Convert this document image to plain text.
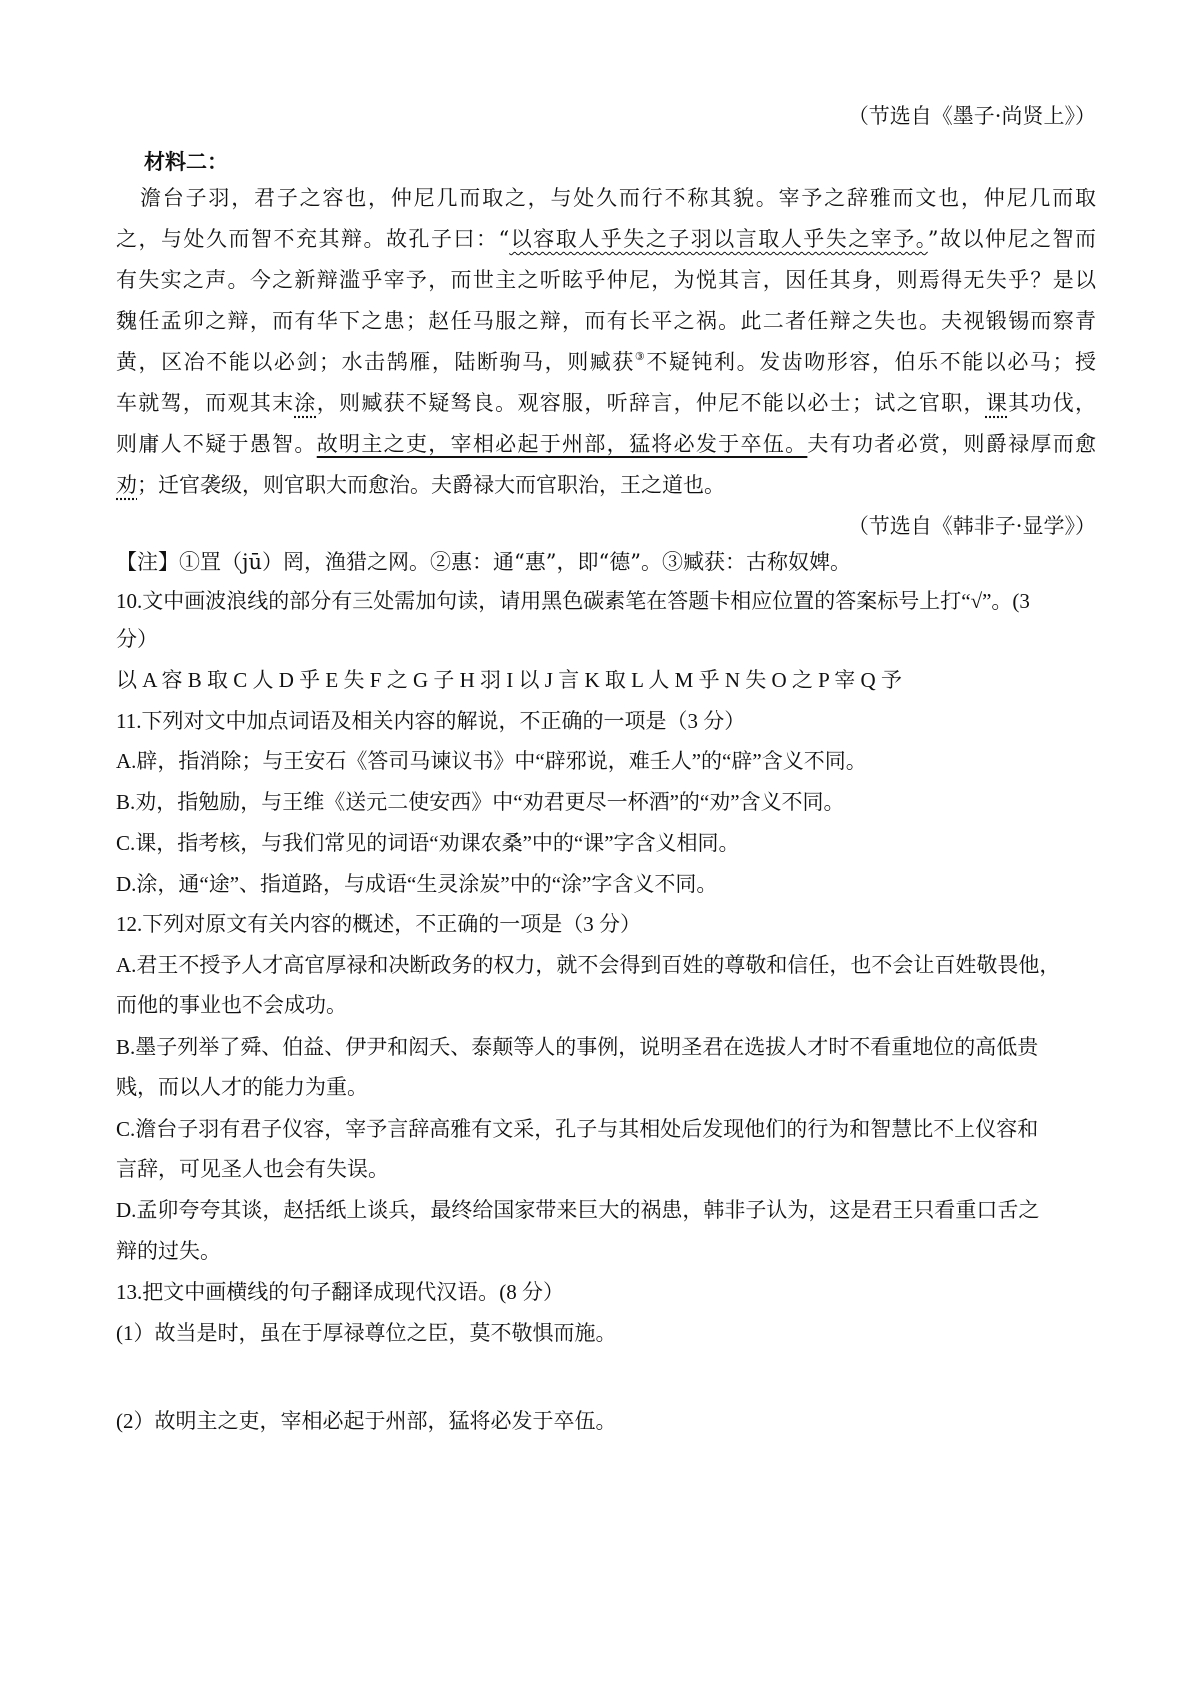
（节选自《墨子·尚贤上》）
材料二：
澹台子羽，君子之容也，仲尼几而取之，与处久而行不称其貌。宰予之辞雅而文也，仲尼几而取
之，与处久而智不充其辩。故孔子曰：“以容取人乎失之子羽以言取人乎失之宰予。”故以仲尼之智而
有失实之声。今之新辩滥乎宰予，而世主之听眩乎仲尼，为悦其言，因任其身，则焉得无失乎？是以
魏任孟卯之辩，而有华下之患；赵任马服之辩，而有长平之祸。此二者任辩之失也。夫视锻锡而察青
黄，区冶不能以必剑；水击鹄雁，陆断驹马，则臧获③不疑钝利。发齿吻形容，伯乐不能以必马；授
车就驾，而观其末涂，则臧获不疑驽良。观容服，听辞言，仲尼不能以必士；试之官职，课其功伐，
则庸人不疑于愚智。故明主之吏，宰相必起于州部，猛将必发于卒伍。夫有功者必赏，则爵禄厚而愈
劝；迁官袭级，则官职大而愈治。夫爵禄大而官职治，王之道也。
（节选自《韩非子·显学》）
【注】①罝（jū）罔，渔猎之网。②惠：通“惠”，即“德”。③臧获：古称奴婢。
10.文中画波浪线的部分有三处需加句读，请用黑色碳素笔在答题卡相应位置的答案标号上打“√”。(3
分）
以 A 容 B 取 C 人 D 乎 E 失 F 之 G 子 H 羽 I 以 J 言 K 取 L 人 M 乎 N 失 O 之 P 宰 Q 予
11.下列对文中加点词语及相关内容的解说，不正确的一项是（3 分）
A.辟，指消除；与王安石《答司马谏议书》中“辟邪说，难壬人”的“辟”含义不同。
B.劝，指勉励，与王维《送元二使安西》中“劝君更尽一杯酒”的“劝”含义不同。
C.课，指考核，与我们常见的词语“劝课农桑”中的“课”字含义相同。
D.涂，通“途”、指道路，与成语“生灵涂炭”中的“涂”字含义不同。
12.下列对原文有关内容的概述，不正确的一项是（3 分）
A.君王不授予人才高官厚禄和决断政务的权力，就不会得到百姓的尊敬和信任，也不会让百姓敬畏他，
而他的事业也不会成功。
B.墨子列举了舜、伯益、伊尹和闳夭、泰颠等人的事例，说明圣君在选拔人才时不看重地位的高低贵
贱，而以人才的能力为重。
C.澹台子羽有君子仪容，宰予言辞高雅有文采，孔子与其相处后发现他们的行为和智慧比不上仪容和
言辞，可见圣人也会有失误。
D.孟卯夸夸其谈，赵括纸上谈兵，最终给国家带来巨大的祸患，韩非子认为，这是君王只看重口舌之
辩的过失。
13.把文中画横线的句子翻译成现代汉语。(8 分）
(1）故当是时，虽在于厚禄尊位之臣，莫不敬惧而施。
(2）故明主之吏，宰相必起于州部，猛将必发于卒伍。
